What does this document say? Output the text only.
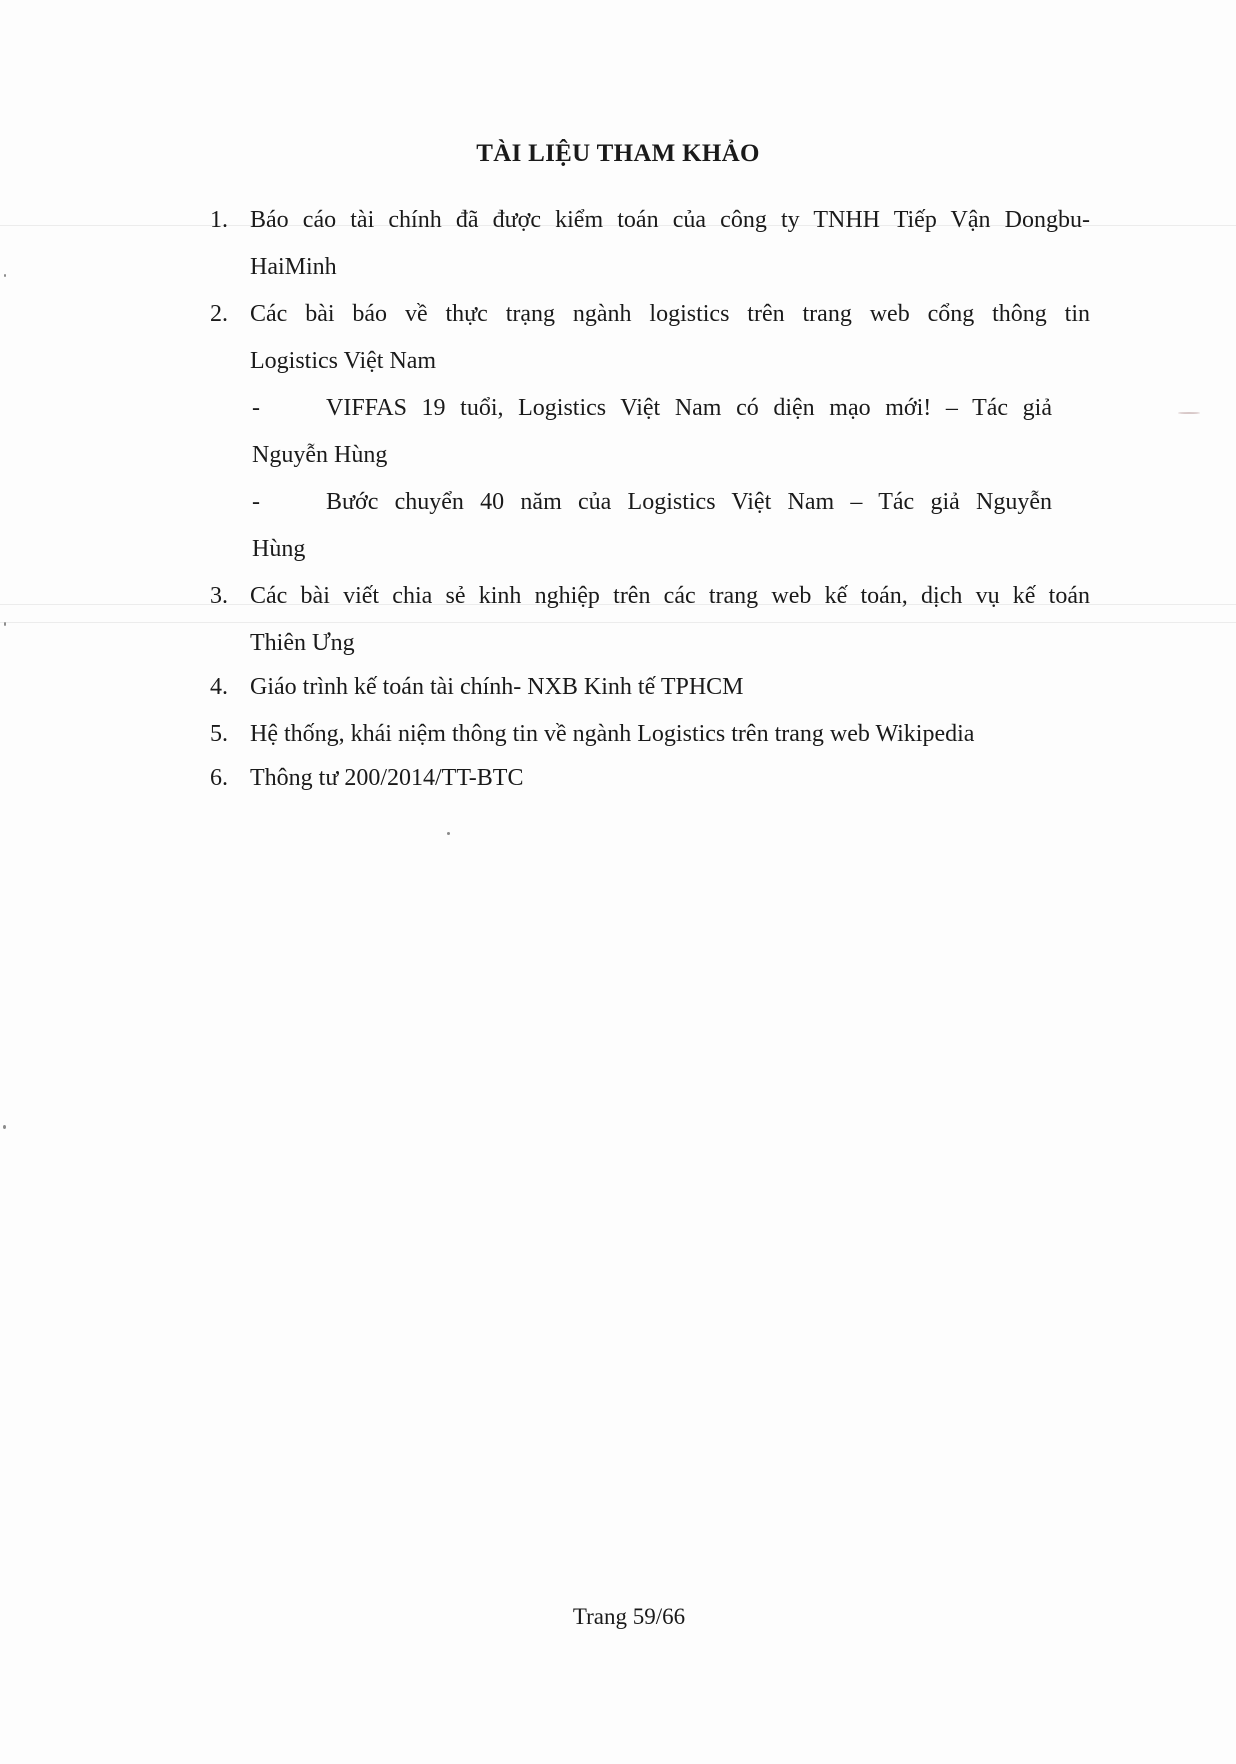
TÀI LIỆU THAM KHẢO
1. Báo cáo tài chính đã được kiểm toán của công ty TNHH Tiếp Vận Dongbu-
HaiMinh
2. Các bài báo về thực trạng ngành logistics trên trang web cổng thông tin
Logistics Việt Nam
-	VIFFAS 19 tuổi, Logistics Việt Nam có diện mạo mới! – Tác giả
Nguyễn Hùng
-	Bước chuyển 40 năm của Logistics Việt Nam – Tác giả Nguyễn
Hùng
3. Các bài viết chia sẻ kinh nghiệp trên các trang web kế toán, dịch vụ kế toán
Thiên Ưng
4. Giáo trình kế toán tài chính- NXB Kinh tế TPHCM
5. Hệ thống, khái niệm thông tin về ngành Logistics trên trang web Wikipedia
6. Thông tư 200/2014/TT-BTC
Trang 59/66
